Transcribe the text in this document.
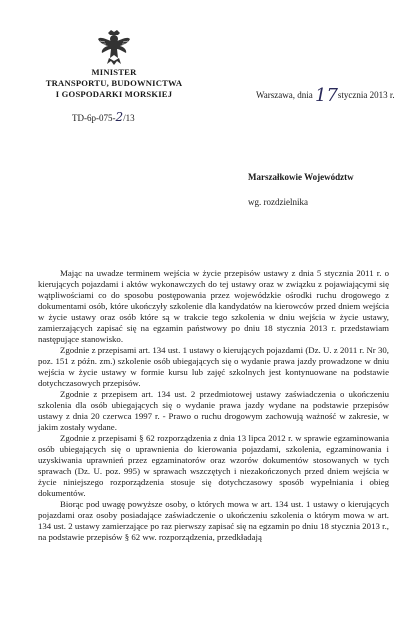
MINISTER
TRANSPORTU, BUDOWNICTWA
I GOSPODARKI MORSKIEJ
TD-6p-075-2/13
Warszawa, dnia 17stycznia 2013 r.
Marszałkowie Województw
wg. rozdzielnika

Mając na uwadze terminem wejścia w życie przepisów ustawy z dnia 5 stycznia 2011 r. o kierujących pojazdami i aktów wykonawczych do tej ustawy oraz w związku z pojawiającymi się wątpliwościami co do sposobu postępowania przez wojewódzkie ośrodki ruchu drogowego z dokumentami osób, które ukończyły szkolenie dla kandydatów na kierowców przed dniem wejścia w życie ustawy oraz osób które są w trakcie tego szkolenia w dniu wejścia w życie ustawy, zamierzających zapisać się na egzamin państwowy po dniu 18 stycznia 2013 r. przedstawiam następujące stanowisko.

Zgodnie z przepisami art. 134 ust. 1 ustawy o kierujących pojazdami (Dz. U. z 2011 r. Nr 30, poz. 151 z późn. zm.) szkolenie osób ubiegających się o wydanie prawa jazdy prowadzone w dniu wejścia w życie ustawy w formie kursu lub zajęć szkolnych jest kontynuowane na podstawie dotychczasowych przepisów.

Zgodnie z przepisem art. 134 ust. 2 przedmiotowej ustawy zaświadczenia o ukończeniu szkolenia dla osób ubiegających się o wydanie prawa jazdy wydane na podstawie przepisów ustawy z dnia 20 czerwca 1997 r. - Prawo o ruchu drogowym zachowują ważność w zakresie, w jakim zostały wydane.

Zgodnie z przepisami § 62 rozporządzenia z dnia 13 lipca 2012 r. w sprawie egzaminowania osób ubiegających się o uprawnienia do kierowania pojazdami, szkolenia, egzaminowania i uzyskiwania uprawnień przez egzaminatorów oraz wzorów dokumentów stosowanych w tych sprawach (Dz. U. poz. 995) w sprawach wszczętych i niezakończonych przed dniem wejścia w życie niniejszego rozporządzenia stosuje się dotychczasowy sposób wypełniania i obieg dokumentów.

Biorąc pod uwagę powyższe osoby, o których mowa w art. 134 ust. 1 ustawy o kierujących pojazdami oraz osoby posiadające zaświadczenie o ukończeniu szkolenia o którym mowa w art. 134 ust. 2 ustawy zamierzające po raz pierwszy zapisać się na egzamin po dniu 18 stycznia 2013 r., na podstawie przepisów § 62 ww. rozporządzenia, przedkładają
